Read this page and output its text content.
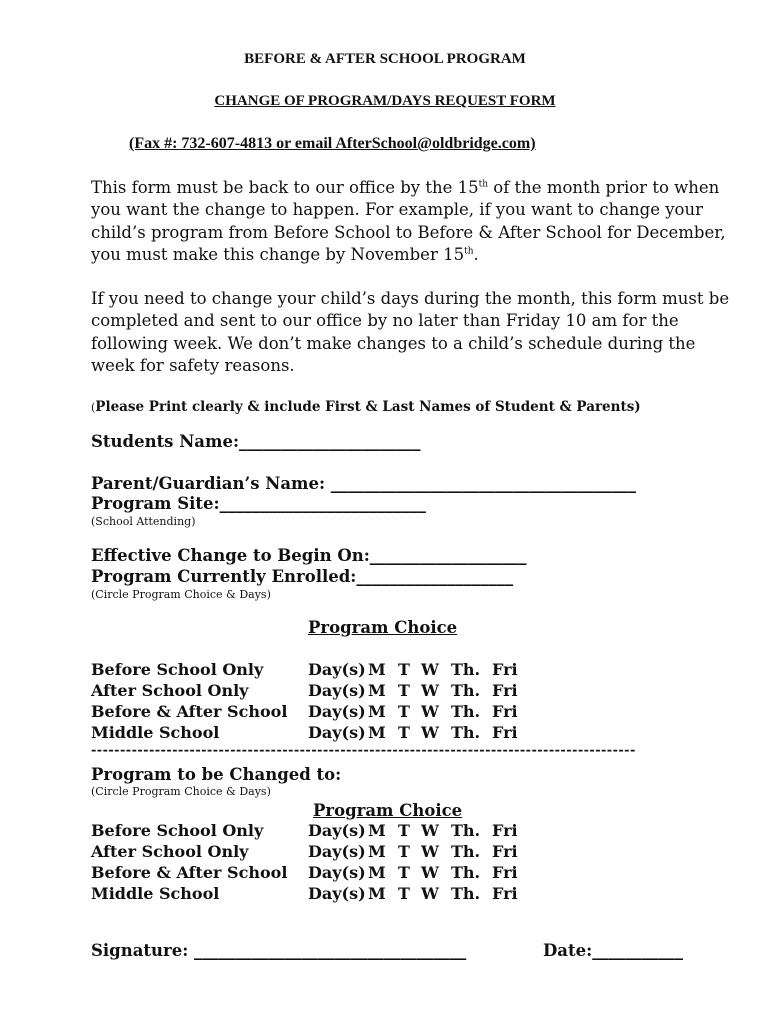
BEFORE & AFTER SCHOOL PROGRAM
CHANGE OF PROGRAM/DAYS REQUEST FORM
(Fax #: 732-607-4813 or email AfterSchool@oldbridge.com)
This form must be back to our office by the 15th of the month prior to when you want the change to happen. For example, if you want to change your child’s program from Before School to Before & After School for December, you must make this change by November 15th.
If you need to change your child’s days during the month, this form must be completed and sent to our office by no later than Friday 10 am for the following week. We don’t make changes to a child’s schedule during the week for safety reasons.
(Please Print clearly & include First & Last Names of Student & Parents)
Students Name:______________________
Parent/Guardian’s Name: _____________________________________
Program Site:_________________________
(School Attending)
Effective Change to Begin On:___________________
Program Currently Enrolled:___________________
(Circle Program Choice & Days)
Program Choice
Before School Only	Day(s) M T W Th. Fri
After School Only	Day(s) M T W Th. Fri
Before & After School Day(s) M T W Th. Fri
Middle School	Day(s) M T W Th. Fri
----------------------------------------------------------------------------------------------
Program to be Changed to:
(Circle Program Choice & Days)
Program Choice
Before School Only	Day(s) M T W Th. Fri
After School Only	Day(s) M T W Th. Fri
Before & After School Day(s) M T W Th. Fri
Middle School	Day(s) M T W Th. Fri
Signature: _________________________________	Date:___________
